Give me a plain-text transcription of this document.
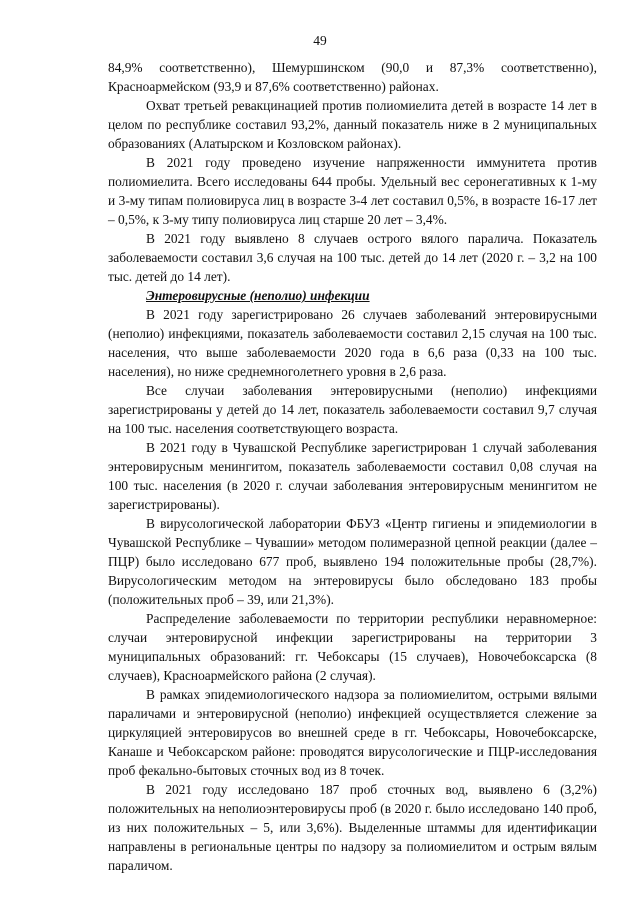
49

84,9% соответственно), Шемуршинском (90,0 и 87,3% соответственно), Красноармейском (93,9 и 87,6% соответственно) районах.

Охват третьей ревакцинацией против полиомиелита детей в возрасте 14 лет в целом по республике составил 93,2%, данный показатель ниже в 2 муниципальных образованиях (Алатырском и Козловском районах).

В 2021 году проведено изучение напряженности иммунитета против полиомиелита. Всего исследованы 644 пробы. Удельный вес серонегативных к 1-му и 3-му типам полиовируса лиц в возрасте 3-4 лет составил 0,5%, в возрасте 16-17 лет – 0,5%, к 3-му типу полиовируса лиц старше 20 лет – 3,4%.

В 2021 году выявлено 8 случаев острого вялого паралича. Показатель заболеваемости составил 3,6 случая на 100 тыс. детей до 14 лет (2020 г. – 3,2 на 100 тыс. детей до 14 лет).

Энтеровирусные (неполио) инфекции

В 2021 году зарегистрировано 26 случаев заболеваний энтеровирусными (неполио) инфекциями, показатель заболеваемости составил 2,15 случая на 100 тыс. населения, что выше заболеваемости 2020 года в 6,6 раза (0,33 на 100 тыс. населения), но ниже среднемноголетнего уровня в 2,6 раза.

Все случаи заболевания энтеровирусными (неполио) инфекциями зарегистрированы у детей до 14 лет, показатель заболеваемости составил 9,7 случая на 100 тыс. населения соответствующего возраста.

В 2021 году в Чувашской Республике зарегистрирован 1 случай заболевания энтеровирусным менингитом, показатель заболеваемости составил 0,08 случая на 100 тыс. населения (в 2020 г. случаи заболевания энтеровирусным менингитом не зарегистрированы).

В вирусологической лаборатории ФБУЗ «Центр гигиены и эпидемиологии в Чувашской Республике – Чувашии» методом полимеразной цепной реакции (далее – ПЦР) было исследовано 677 проб, выявлено 194 положительные пробы (28,7%). Вирусологическим методом на энтеровирусы было обследовано 183 пробы (положительных проб – 39, или 21,3%).

Распределение заболеваемости по территории республики неравномерное: случаи энтеровирусной инфекции зарегистрированы на территории 3 муниципальных образований: гг. Чебоксары (15 случаев), Новочебоксарска (8 случаев), Красноармейского района (2 случая).

В рамках эпидемиологического надзора за полиомиелитом, острыми вялыми параличами и энтеровирусной (неполио) инфекцией осуществляется слежение за циркуляцией энтеровирусов во внешней среде в гг. Чебоксары, Новочебоксарске, Канаше и Чебоксарском районе: проводятся вирусологические и ПЦР-исследования проб фекально-бытовых сточных вод из 8 точек.

В 2021 году исследовано 187 проб сточных вод, выявлено 6 (3,2%) положительных на неполиоэнтеровирусы проб (в 2020 г. было исследовано 140 проб, из них положительных – 5, или 3,6%). Выделенные штаммы для идентификации направлены в региональные центры по надзору за полиомиелитом и острым вялым параличом.
